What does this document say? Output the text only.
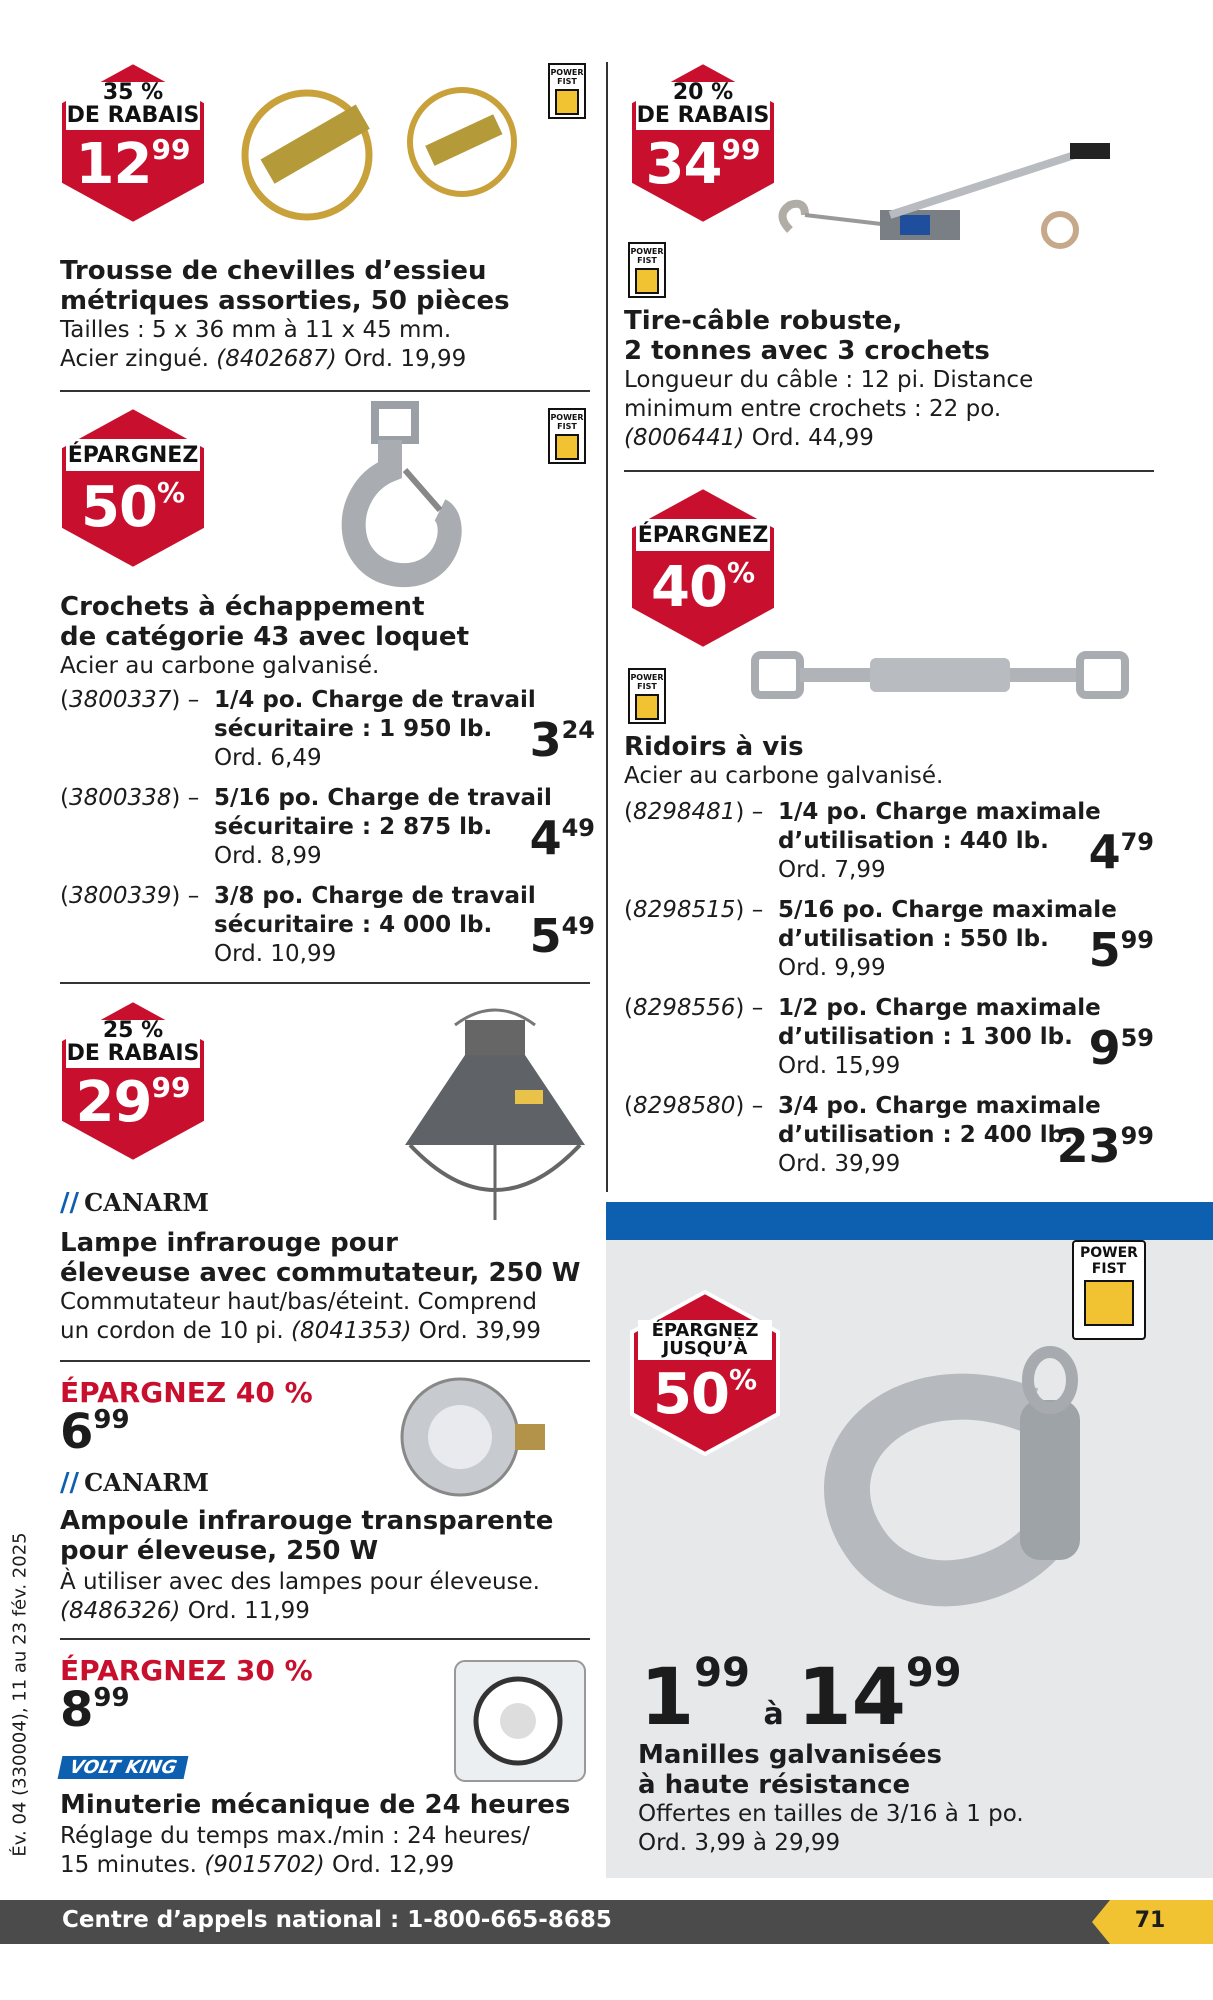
35 %
DE RABAIS
1299
POWER
FIST
Trousse de chevilles d’essieu
métriques assorties, 50 pièces
Tailles : 5 x 36 mm à 11 x 45 mm.
Acier zingué. (8402687) Ord. 19,99
ÉPARGNEZ
50%
POWER
FIST
Crochets à échappement
de catégorie 43 avec loquet
Acier au carbone galvanisé.
(3800337) – 1/4 po. Charge de travail
sécuritaire : 1 950 lb.
Ord. 6,49	324
(3800338) – 5/16 po. Charge de travail
sécuritaire : 2 875 lb.
Ord. 8,99	449
(3800339) – 3/8 po. Charge de travail
sécuritaire : 4 000 lb.
Ord. 10,99	549
25 %
DE RABAIS
2999
// CANARM
Lampe infrarouge pour
éleveuse avec commutateur, 250 W
Commutateur haut/bas/éteint. Comprend
un cordon de 10 pi. (8041353) Ord. 39,99
ÉPARGNEZ 40 %
699
// CANARM
Ampoule infrarouge transparente
pour éleveuse, 250 W
À utiliser avec des lampes pour éleveuse.
(8486326) Ord. 11,99
ÉPARGNEZ 30 %
899
VOLT KING
Minuterie mécanique de 24 heures
Réglage du temps max./min : 24 heures/
15 minutes. (9015702) Ord. 12,99
Év. 04 (330004), 11 au 23 fév. 2025
20 %
DE RABAIS
3499
POWER
FIST
Tire-câble robuste,
2 tonnes avec 3 crochets
Longueur du câble : 12 pi. Distance
minimum entre crochets : 22 po.
(8006441) Ord. 44,99
ÉPARGNEZ
40%
POWER
FIST
Ridoirs à vis
Acier au carbone galvanisé.
(8298481) – 1/4 po. Charge maximale
d’utilisation : 440 lb.
Ord. 7,99	479
(8298515) – 5/16 po. Charge maximale
d’utilisation : 550 lb.
Ord. 9,99	599
(8298556) – 1/2 po. Charge maximale
d’utilisation : 1 300 lb.
Ord. 15,99	959
(8298580) – 3/4 po. Charge maximale
d’utilisation : 2 400 lb.
Ord. 39,99	2399
POWER
FIST
ÉPARGNEZ
JUSQU’À
50%
199 à 1499
Manilles galvanisées
à haute résistance
Offertes en tailles de 3/16 à 1 po.
Ord. 3,99 à 29,99
Centre d’appels national : 1-800-665-8685	71
